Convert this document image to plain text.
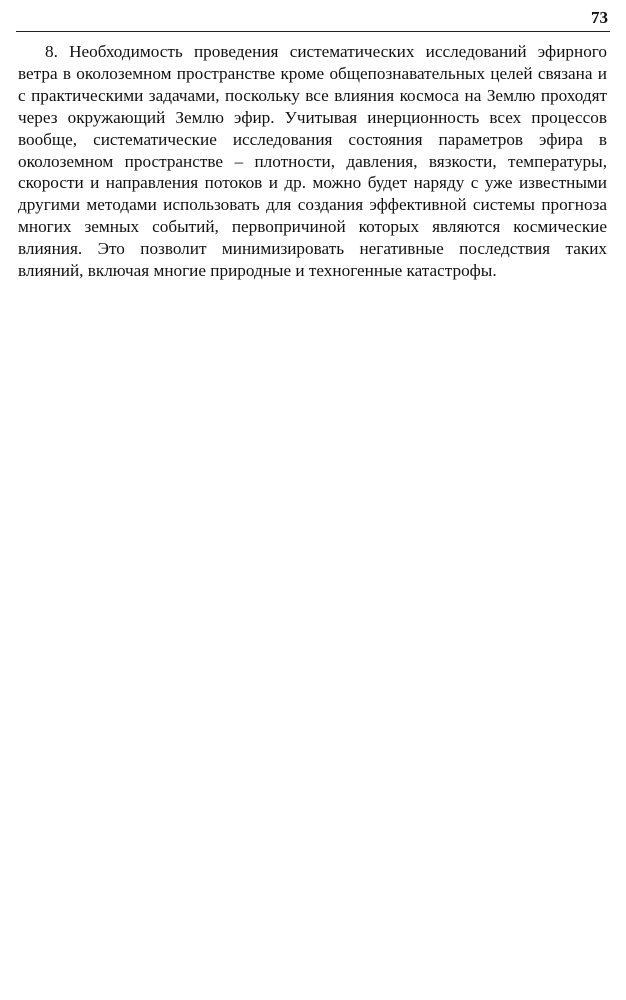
73

8. Необходимость проведения систематических исследований эфирного ветра в околоземном пространстве кроме общепознавательных целей связана и с практическими задачами, поскольку все влияния космоса на Землю проходят через окружающий Землю эфир. Учитывая инерционность всех процессов вообще, систематические исследования состояния параметров эфира в околоземном пространстве – плотности, давления, вязкости, температуры, скорости и направления потоков и др. можно будет наряду с уже известными другими методами использовать для создания эффективной системы прогноза многих земных событий, первопричиной которых являются космические влияния. Это позволит минимизировать негативные последствия таких влияний, включая многие природные и техногенные катастрофы.
